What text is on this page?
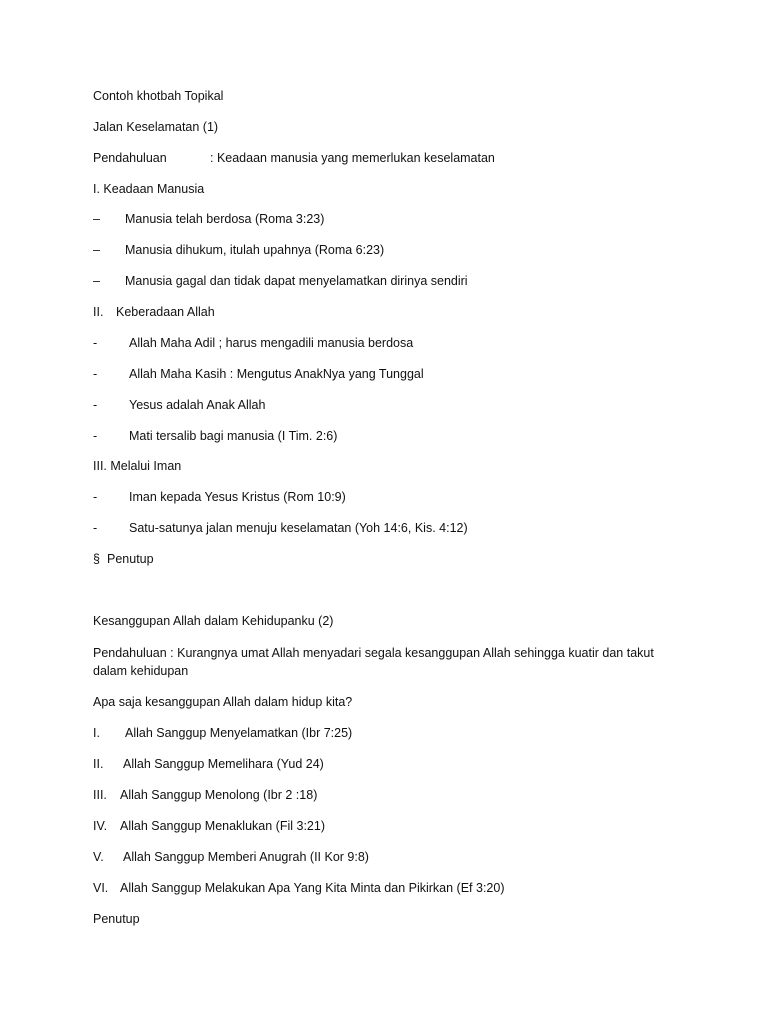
Contoh khotbah Topikal
Jalan Keselamatan (1)
Pendahuluan	: Keadaan manusia yang memerlukan keselamatan
I. Keadaan Manusia
– Manusia telah berdosa (Roma 3:23)
– Manusia dihukum, itulah upahnya (Roma 6:23)
– Manusia gagal dan tidak dapat menyelamatkan dirinya sendiri
II. Keberadaan Allah
-	Allah Maha Adil ; harus mengadili manusia berdosa
-	Allah Maha Kasih : Mengutus AnakNya yang Tunggal
-	Yesus adalah Anak Allah
-	Mati tersalib bagi manusia (I Tim. 2:6)
III. Melalui Iman
-	Iman kepada Yesus Kristus (Rom 10:9)
-	Satu-satunya jalan menuju keselamatan (Yoh 14:6, Kis. 4:12)
§ Penutup
Kesanggupan Allah dalam Kehidupanku (2)
Pendahuluan : Kurangnya umat Allah menyadari segala kesanggupan Allah sehingga kuatir dan takut dalam kehidupan
Apa saja kesanggupan Allah dalam hidup kita?
I. Allah Sanggup Menyelamatkan (Ibr 7:25)
II. Allah Sanggup Memelihara (Yud 24)
III. Allah Sanggup Menolong (Ibr 2 :18)
IV. Allah Sanggup Menaklukan (Fil 3:21)
V. Allah Sanggup Memberi Anugrah (II Kor 9:8)
VI. Allah Sanggup Melakukan Apa Yang Kita Minta dan Pikirkan (Ef 3:20)
Penutup
